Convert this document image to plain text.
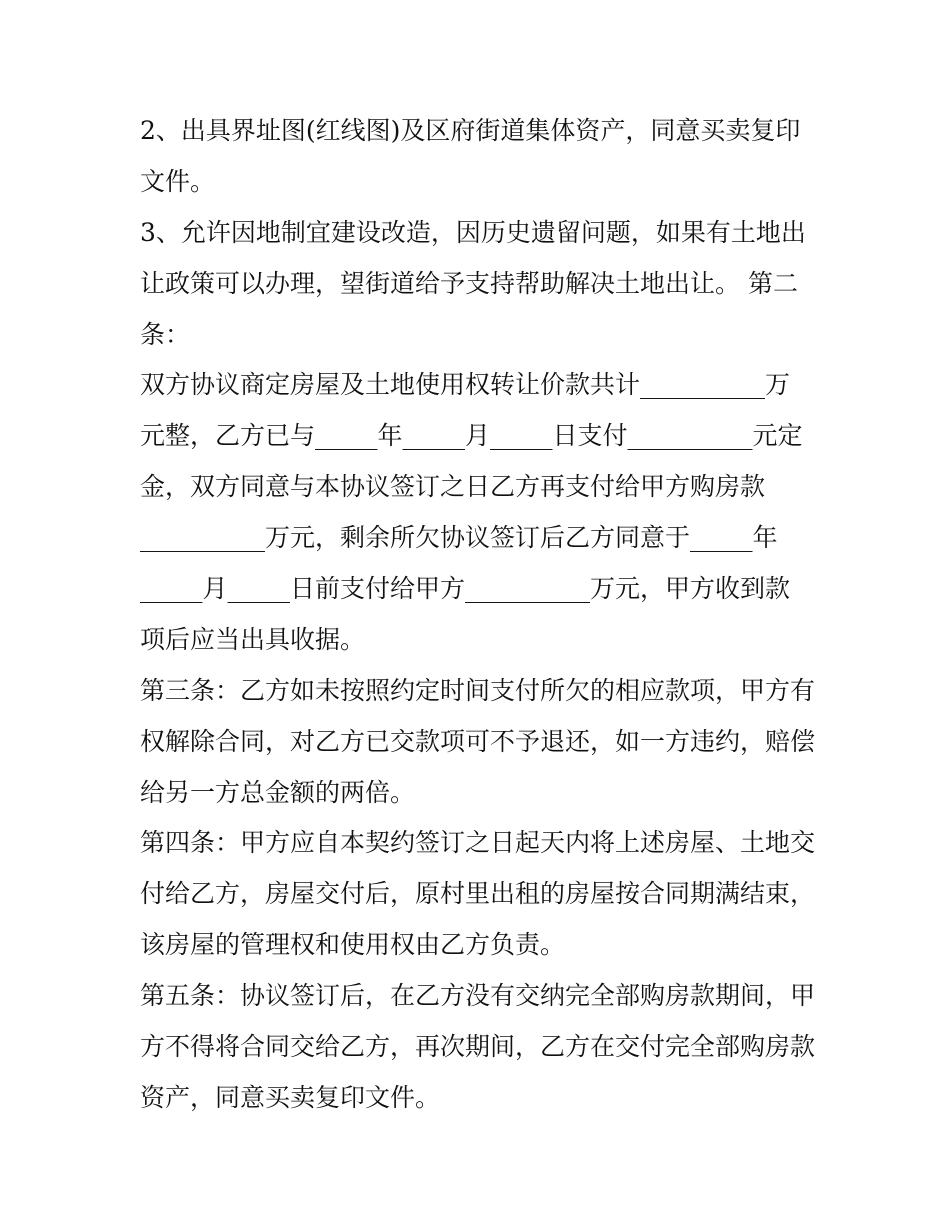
2、出具界址图(红线图)及区府街道集体资产，同意买卖复印
文件。
3、允许因地制宜建设改造，因历史遗留问题，如果有土地出
让政策可以办理，望街道给予支持帮助解决土地出让。 第二
条：
双方协议商定房屋及土地使用权转让价款共计__________万
元整，乙方已与_____年_____月_____日支付__________元定
金，双方同意与本协议签订之日乙方再支付给甲方购房款
__________万元，剩余所欠协议签订后乙方同意于_____年
_____月_____日前支付给甲方__________万元，甲方收到款
项后应当出具收据。
第三条：乙方如未按照约定时间支付所欠的相应款项，甲方有
权解除合同，对乙方已交款项可不予退还，如一方违约，赔偿
给另一方总金额的两倍。
第四条：甲方应自本契约签订之日起天内将上述房屋、土地交
付给乙方，房屋交付后，原村里出租的房屋按合同期满结束，
该房屋的管理权和使用权由乙方负责。
第五条：协议签订后，在乙方没有交纳完全部购房款期间，甲
方不得将合同交给乙方，再次期间，乙方在交付完全部购房款
资产，同意买卖复印文件。
